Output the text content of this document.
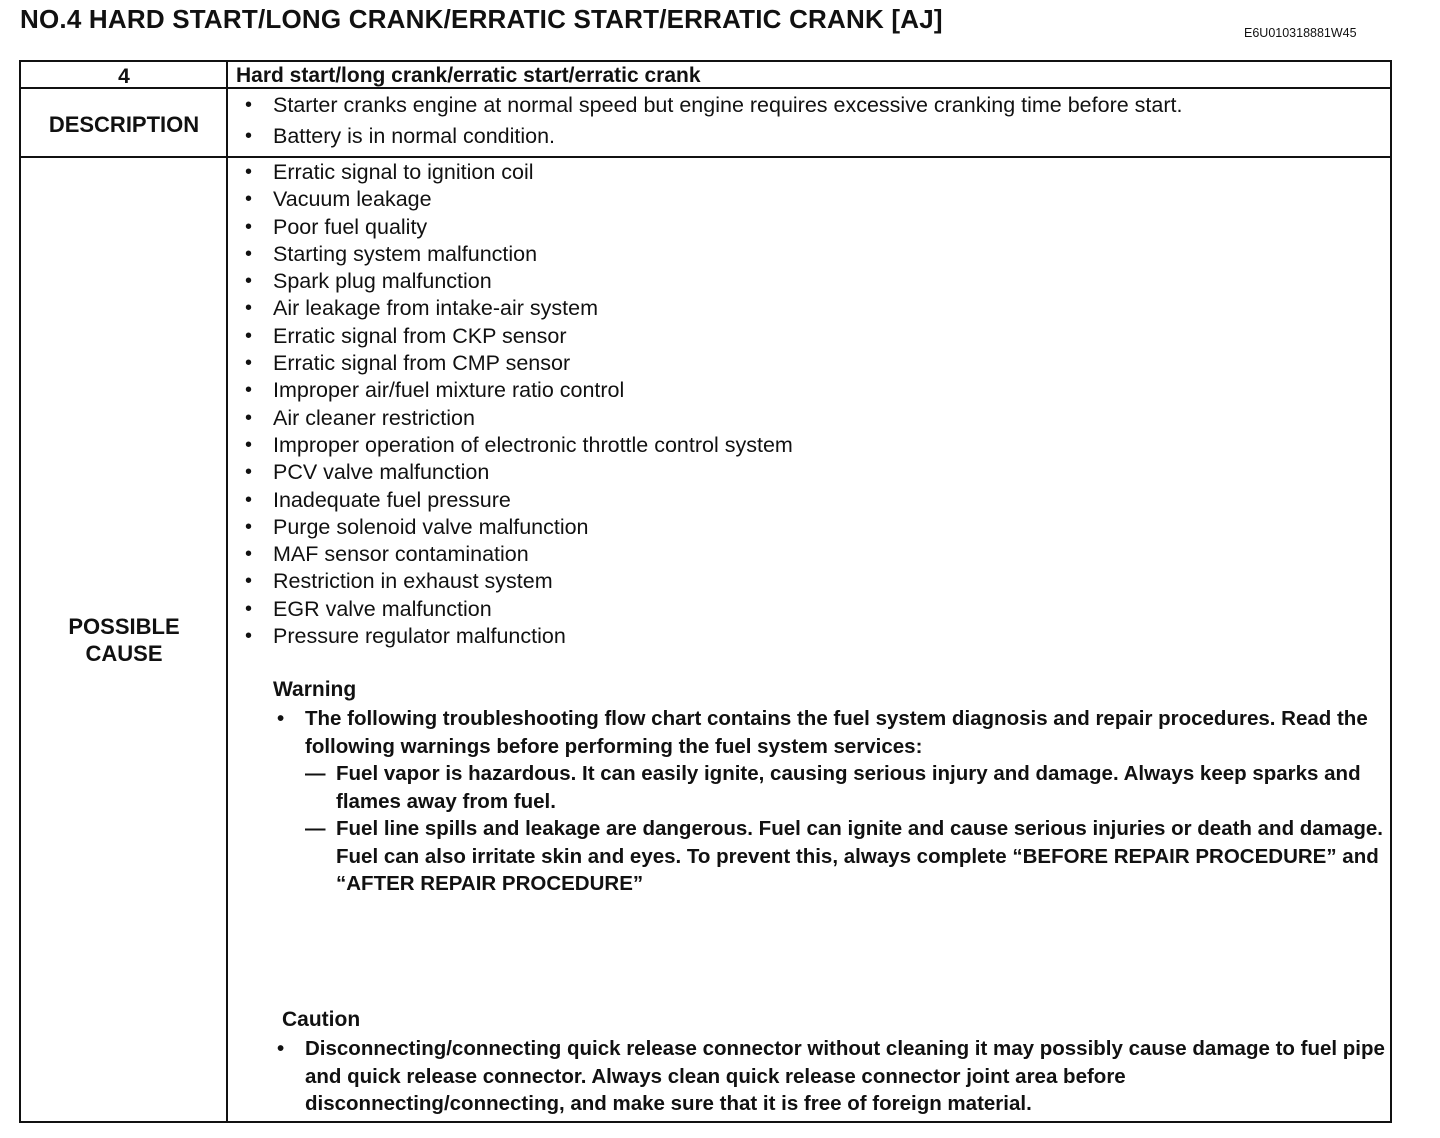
NO.4 HARD START/LONG CRANK/ERRATIC START/ERRATIC CRANK [AJ]	E6U010318881W45
4	Hard start/long crank/erratic start/erratic crank
DESCRIPTION
• Starter cranks engine at normal speed but engine requires excessive cranking time before start.
• Battery is in normal condition.
POSSIBLE
CAUSE
• Erratic signal to ignition coil
• Vacuum leakage
• Poor fuel quality
• Starting system malfunction
• Spark plug malfunction
• Air leakage from intake-air system
• Erratic signal from CKP sensor
• Erratic signal from CMP sensor
• Improper air/fuel mixture ratio control
• Air cleaner restriction
• Improper operation of electronic throttle control system
• PCV valve malfunction
• Inadequate fuel pressure
• Purge solenoid valve malfunction
• MAF sensor contamination
• Restriction in exhaust system
• EGR valve malfunction
• Pressure regulator malfunction
Warning
• The following troubleshooting flow chart contains the fuel system diagnosis and repair procedures. Read the following warnings before performing the fuel system services:
— Fuel vapor is hazardous. It can easily ignite, causing serious injury and damage. Always keep sparks and flames away from fuel.
— Fuel line spills and leakage are dangerous. Fuel can ignite and cause serious injuries or death and damage. Fuel can also irritate skin and eyes. To prevent this, always complete “BEFORE REPAIR PROCEDURE” and “AFTER REPAIR PROCEDURE”
Caution
• Disconnecting/connecting quick release connector without cleaning it may possibly cause damage to fuel pipe and quick release connector. Always clean quick release connector joint area before disconnecting/connecting, and make sure that it is free of foreign material.
